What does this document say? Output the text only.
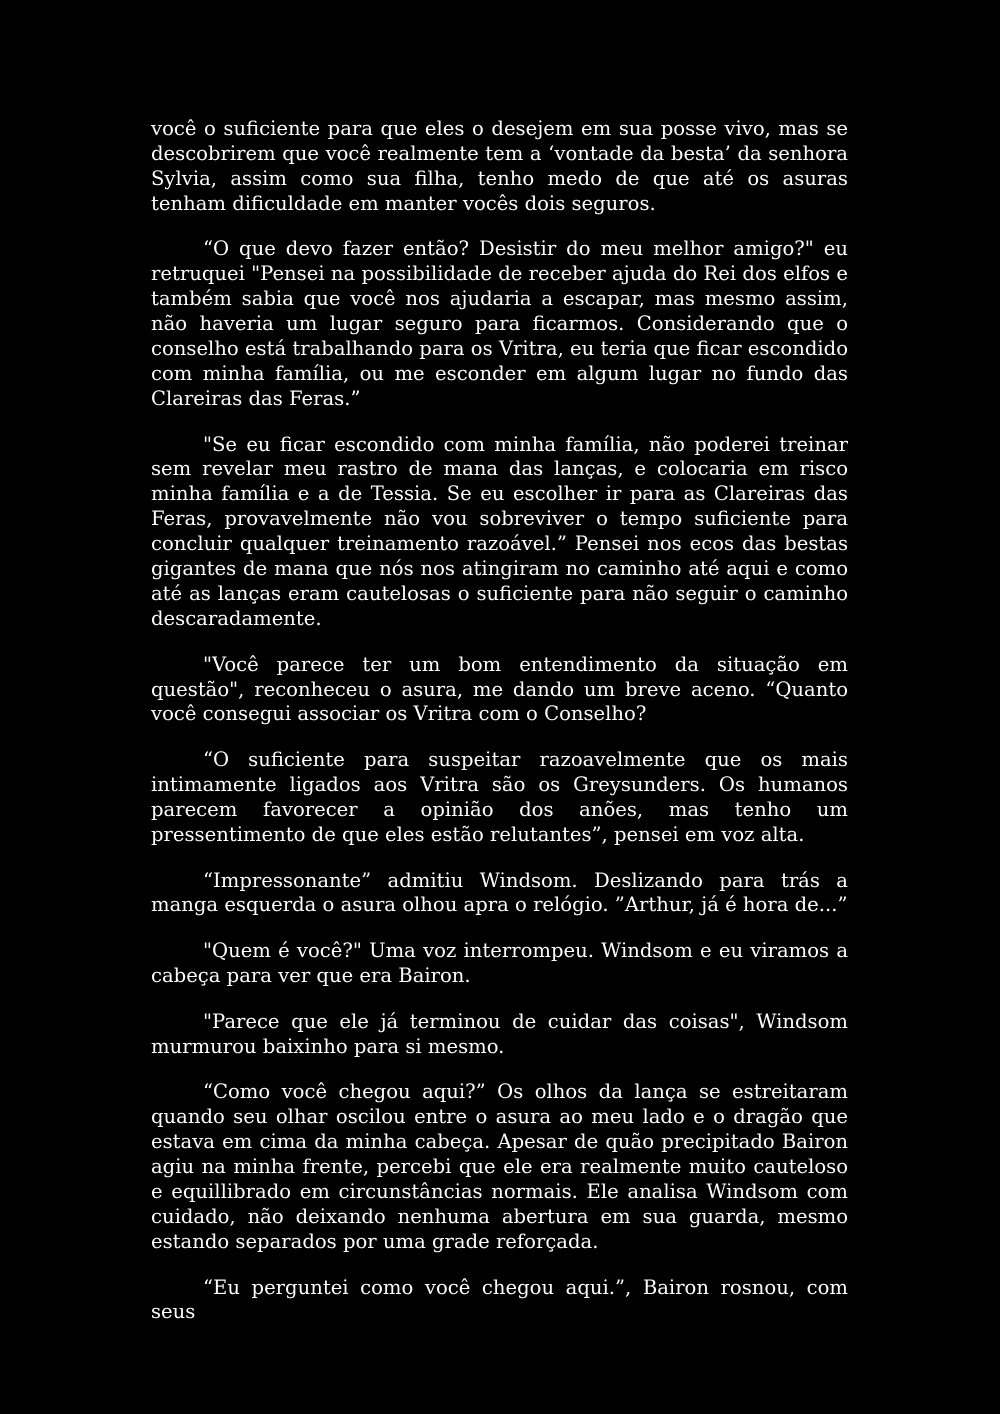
você o suficiente para que eles o desejem em sua posse vivo, mas se descobrirem que você realmente tem a ‘vontade da besta’ da senhora Sylvia, assim como sua filha, tenho medo de que até os asuras tenham dificuldade em manter vocês dois seguros.

“O que devo fazer então? Desistir do meu melhor amigo?" eu retruquei "Pensei na possibilidade de receber ajuda do Rei dos elfos e também sabia que você nos ajudaria a escapar, mas mesmo assim, não haveria um lugar seguro para ficarmos. Considerando que o conselho está trabalhando para os Vritra, eu teria que ficar escondido com minha família, ou me esconder em algum lugar no fundo das Clareiras das Feras.”

"Se eu ficar escondido com minha família, não poderei treinar sem revelar meu rastro de mana das lanças, e colocaria em risco minha família e a de Tessia. Se eu escolher ir para as Clareiras das Feras, provavelmente não vou sobreviver o tempo suficiente para concluir qualquer treinamento razoável.” Pensei nos ecos das bestas gigantes de mana que nós nos atingiram no caminho até aqui e como até as lanças eram cautelosas o suficiente para não seguir o caminho descaradamente.

"Você parece ter um bom entendimento da situação em questão", reconheceu o asura, me dando um breve aceno. “Quanto você consegui associar os Vritra com o Conselho?

“O suficiente para suspeitar razoavelmente que os mais intimamente ligados aos Vritra são os Greysunders. Os humanos parecem favorecer a opinião dos anões, mas tenho um pressentimento de que eles estão relutantes”, pensei em voz alta.

“Impressonante” admitiu Windsom. Deslizando para trás a manga esquerda o asura olhou apra o relógio. ”Arthur, já é hora de...”

"Quem é você?" Uma voz interrompeu. Windsom e eu viramos a cabeça para ver que era Bairon.

"Parece que ele já terminou de cuidar das coisas", Windsom murmurou baixinho para si mesmo.

“Como você chegou aqui?” Os olhos da lança se estreitaram quando seu olhar oscilou entre o asura ao meu lado e o dragão que estava em cima da minha cabeça. Apesar de quão precipitado Bairon agiu na minha frente, percebi que ele era realmente muito cauteloso e equillibrado em circunstâncias normais. Ele analisa Windsom com cuidado, não deixando nenhuma abertura em sua guarda, mesmo estando separados por uma grade reforçada.

“Eu perguntei como você chegou aqui.”, Bairon rosnou, com seus
